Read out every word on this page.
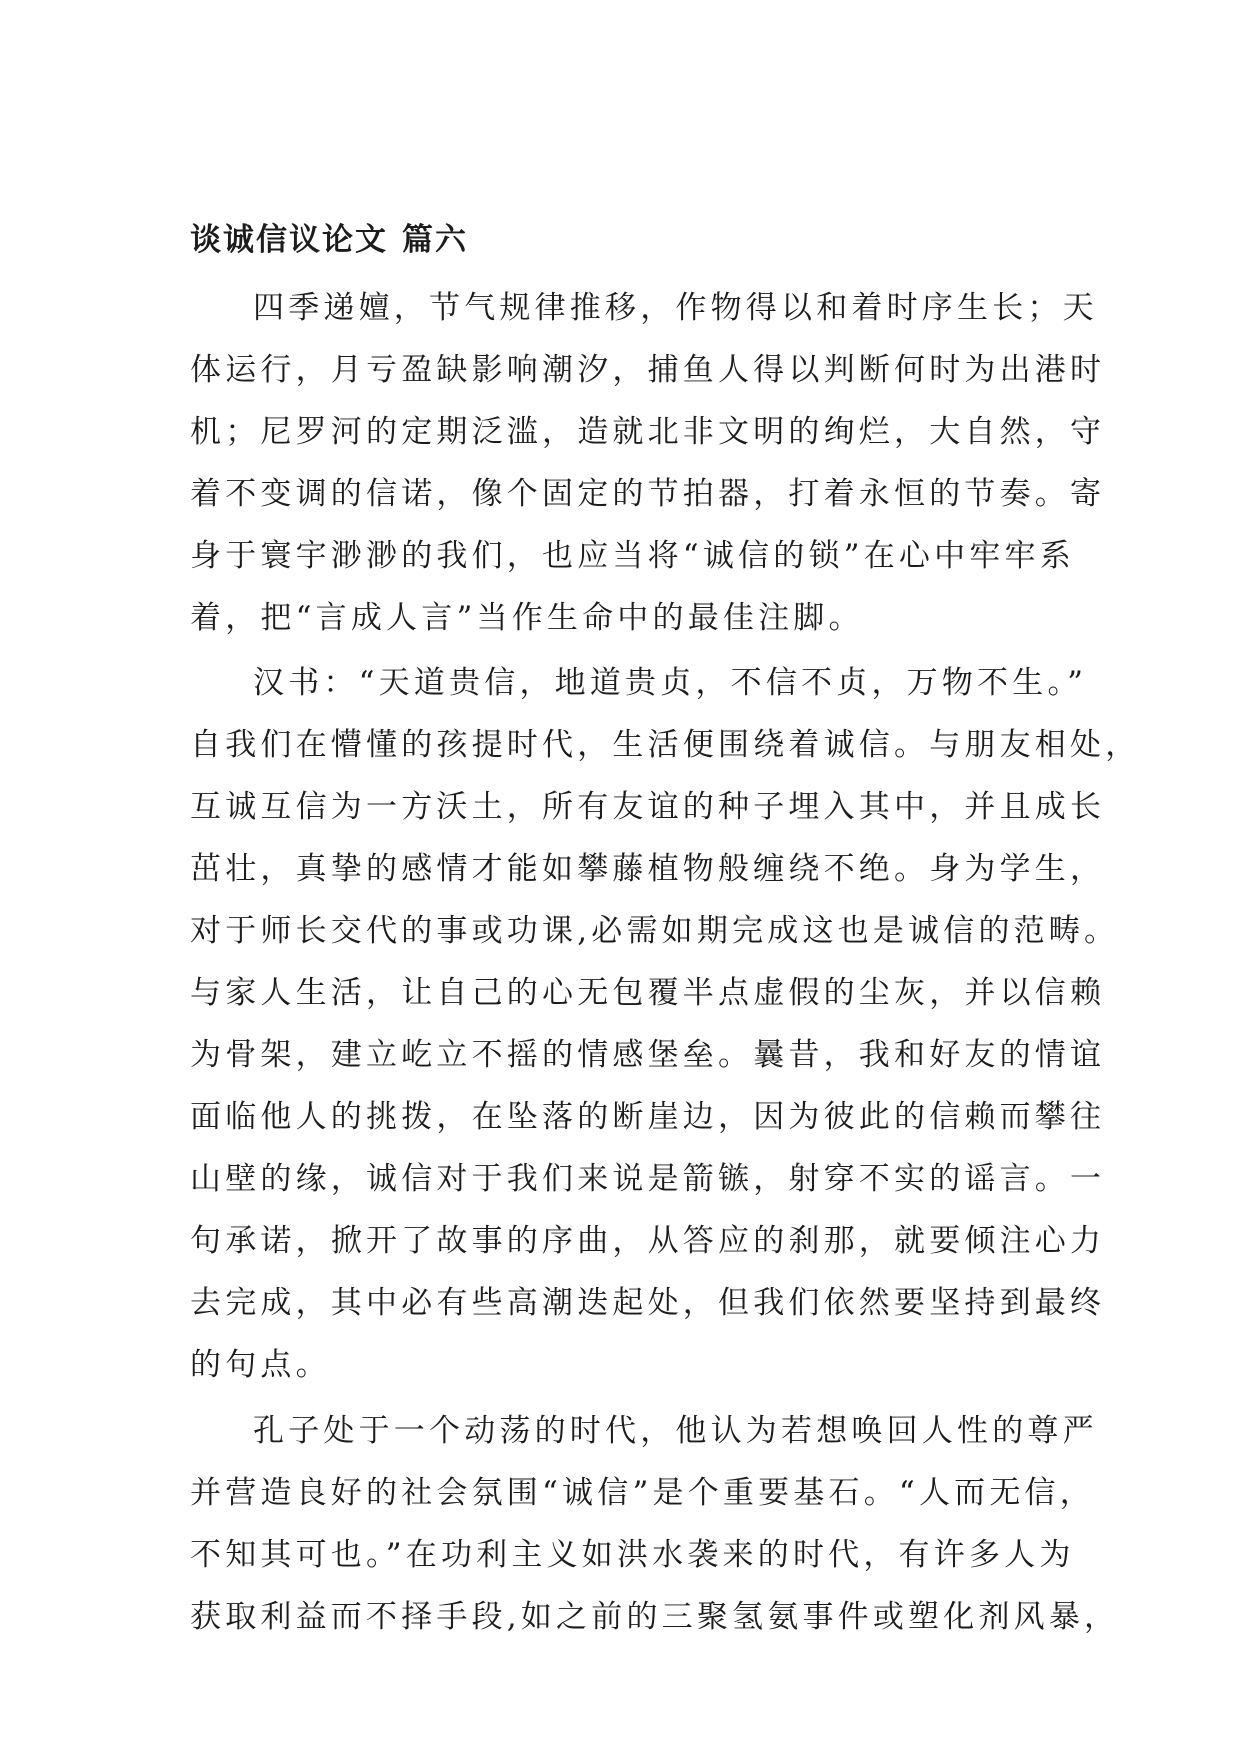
谈诚信议论文 篇六

四季递嬗，节气规律推移，作物得以和着时序生长；天
体运行，月亏盈缺影响潮汐，捕鱼人得以判断何时为出港时
机；尼罗河的定期泛滥，造就北非文明的绚烂，大自然，守
着不变调的信诺，像个固定的节拍器，打着永恒的节奏。寄
身于寰宇渺渺的我们，也应当将“诚信的锁”在心中牢牢系
着，把“言成人言”当作生命中的最佳注脚。

汉书：“天道贵信，地道贵贞，不信不贞，万物不生。”
自我们在懵懂的孩提时代，生活便围绕着诚信。与朋友相处，
互诚互信为一方沃土，所有友谊的种子埋入其中，并且成长
茁壮，真挚的感情才能如攀藤植物般缠绕不绝。身为学生，
对于师长交代的事或功课,必需如期完成这也是诚信的范畴。
与家人生活，让自己的心无包覆半点虚假的尘灰，并以信赖
为骨架，建立屹立不摇的情感堡垒。曩昔，我和好友的情谊
面临他人的挑拨，在坠落的断崖边，因为彼此的信赖而攀往
山壁的缘，诚信对于我们来说是箭镞，射穿不实的谣言。一
句承诺，掀开了故事的序曲，从答应的刹那，就要倾注心力
去完成，其中必有些高潮迭起处，但我们依然要坚持到最终
的句点。

孔子处于一个动荡的时代，他认为若想唤回人性的尊严
并营造良好的社会氛围“诚信”是个重要基石。“人而无信，
不知其可也。”在功利主义如洪水袭来的时代，有许多人为
获取利益而不择手段,如之前的三聚氢氨事件或塑化剂风暴，
